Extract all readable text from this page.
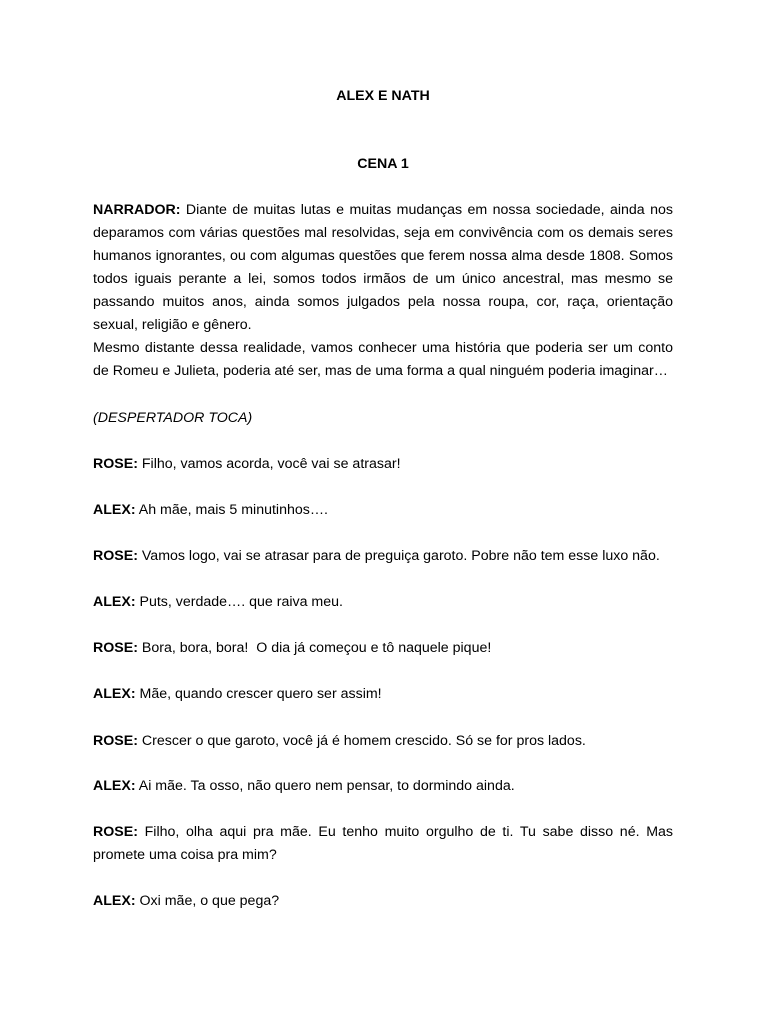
ALEX E NATH
CENA 1
NARRADOR: Diante de muitas lutas e muitas mudanças em nossa sociedade, ainda nos deparamos com várias questões mal resolvidas, seja em convivência com os demais seres humanos ignorantes, ou com algumas questões que ferem nossa alma desde 1808. Somos todos iguais perante a lei, somos todos irmãos de um único ancestral, mas mesmo se passando muitos anos, ainda somos julgados pela nossa roupa, cor, raça, orientação sexual, religião e gênero.
Mesmo distante dessa realidade, vamos conhecer uma história que poderia ser um conto de Romeu e Julieta, poderia até ser, mas de uma forma a qual ninguém poderia imaginar…
(DESPERTADOR TOCA)
ROSE: Filho, vamos acorda, você vai se atrasar!
ALEX: Ah mãe, mais 5 minutinhos….
ROSE: Vamos logo, vai se atrasar para de preguiça garoto. Pobre não tem esse luxo não.
ALEX: Puts, verdade…. que raiva meu.
ROSE: Bora, bora, bora!  O dia já começou e tô naquele pique!
ALEX: Mãe, quando crescer quero ser assim!
ROSE: Crescer o que garoto, você já é homem crescido. Só se for pros lados.
ALEX: Ai mãe. Ta osso, não quero nem pensar, to dormindo ainda.
ROSE: Filho, olha aqui pra mãe. Eu tenho muito orgulho de ti. Tu sabe disso né. Mas promete uma coisa pra mim?
ALEX: Oxi mãe, o que pega?
